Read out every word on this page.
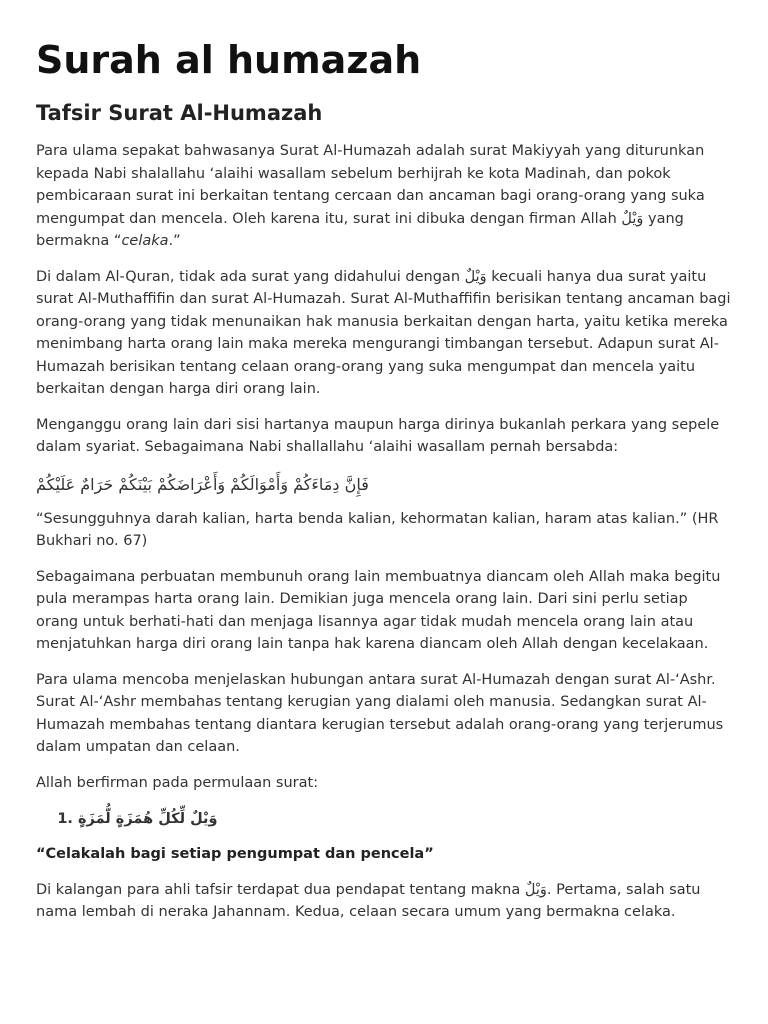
Surah al humazah
Tafsir Surat Al-Humazah

Para ulama sepakat bahwasanya Surat Al-Humazah adalah surat Makiyyah yang diturunkan kepada Nabi shalallahu ‘alaihi wasallam sebelum berhijrah ke kota Madinah, dan pokok pembicaraan surat ini berkaitan tentang cercaan dan ancaman bagi orang-orang yang suka mengumpat dan mencela. Oleh karena itu, surat ini dibuka dengan firman Allah وَيْلٌ yang bermakna “celaka.”

Di dalam Al-Quran, tidak ada surat yang didahului dengan وَيْلٌ kecuali hanya dua surat yaitu surat Al-Muthaffifin dan surat Al-Humazah. Surat Al-Muthaffifin berisikan tentang ancaman bagi orang-orang yang tidak menunaikan hak manusia berkaitan dengan harta, yaitu ketika mereka menimbang harta orang lain maka mereka mengurangi timbangan tersebut. Adapun surat Al-Humazah berisikan tentang celaan orang-orang yang suka mengumpat dan mencela yaitu berkaitan dengan harga diri orang lain.

Menganggu orang lain dari sisi hartanya maupun harga dirinya bukanlah perkara yang sepele dalam syariat. Sebagaimana Nabi shallallahu ‘alaihi wasallam pernah bersabda:

فَإِنَّ دِمَاءَكُمْ وَأَمْوَالَكُمْ وَأَعْرَاضَكُمْ بَيْنَكُمْ حَرَامٌ عَلَيْكُمْ

“Sesungguhnya darah kalian, harta benda kalian, kehormatan kalian, haram atas kalian.” (HR Bukhari no. 67)

Sebagaimana perbuatan membunuh orang lain membuatnya diancam oleh Allah maka begitu pula merampas harta orang lain. Demikian juga mencela orang lain. Dari sini perlu setiap orang untuk berhati-hati dan menjaga lisannya agar tidak mudah mencela orang lain atau menjatuhkan harga diri orang lain tanpa hak karena diancam oleh Allah dengan kecelakaan.

Para ulama mencoba menjelaskan hubungan antara surat Al-Humazah dengan surat Al-‘Ashr. Surat Al-‘Ashr membahas tentang kerugian yang dialami oleh manusia. Sedangkan surat Al-Humazah membahas tentang diantara kerugian tersebut adalah orang-orang yang terjerumus dalam umpatan dan celaan.

Allah berfirman pada permulaan surat:

1. وَيْلٌ لِّكُلِّ هُمَزَةٍ لُّمَزَةٍ

“Celakalah bagi setiap pengumpat dan pencela”

Di kalangan para ahli tafsir terdapat dua pendapat tentang makna وَيْلٌ. Pertama, salah satu nama lembah di neraka Jahannam. Kedua, celaan secara umum yang bermakna celaka.
